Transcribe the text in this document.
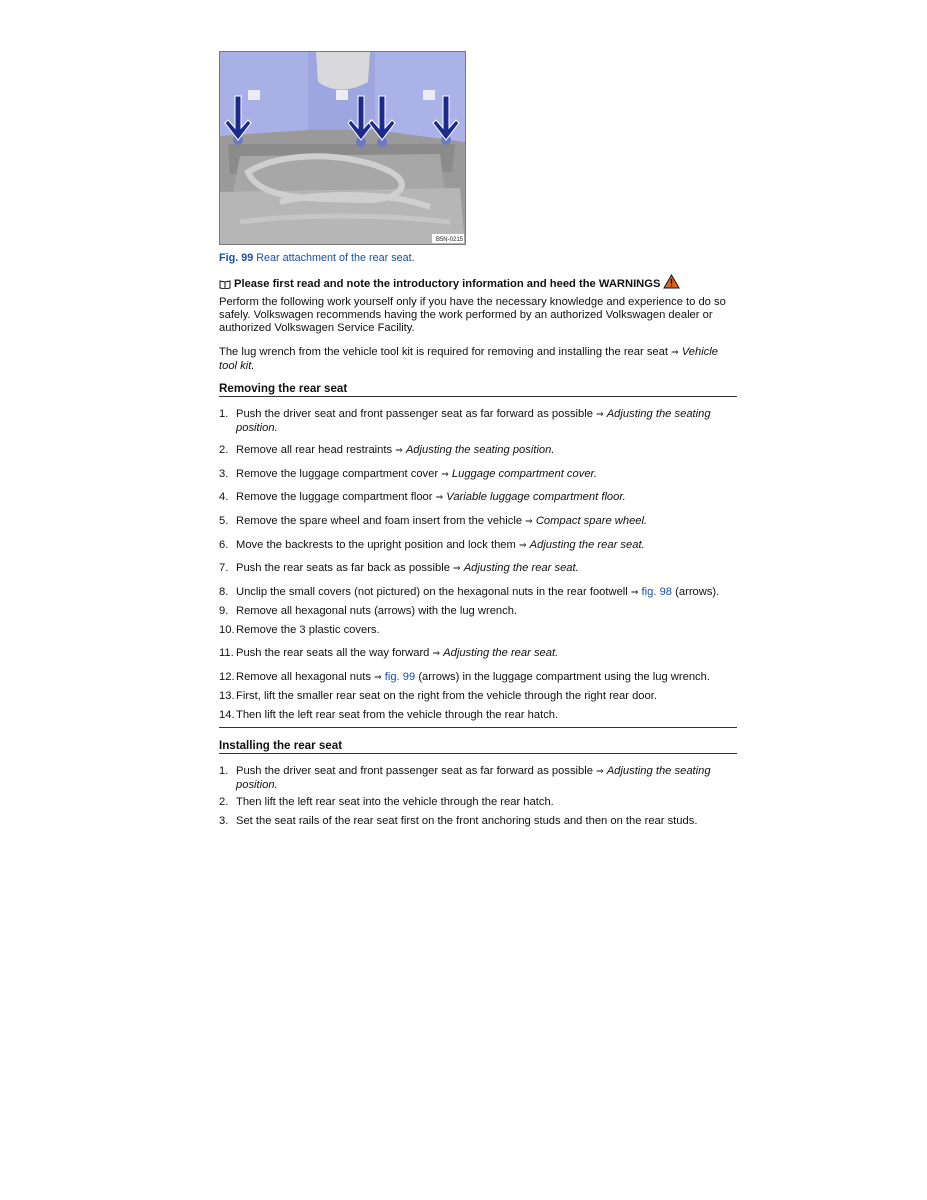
B5N-0215
Fig. 99 Rear attachment of the rear seat.
Please first read and note the introductory information and heed the WARNINGS

Perform the following work yourself only if you have the necessary knowledge and experience to do so safely. Volkswagen recommends having the work performed by an authorized Volkswagen dealer or authorized Volkswagen Service Facility.

The lug wrench from the vehicle tool kit is required for removing and installing the rear seat ⇒ Vehicle tool kit.

Removing the rear seat
1. Push the driver seat and front passenger seat as far forward as possible ⇒ Adjusting the seating position.
2. Remove all rear head restraints ⇒ Adjusting the seating position.
3. Remove the luggage compartment cover ⇒ Luggage compartment cover.
4. Remove the luggage compartment floor ⇒ Variable luggage compartment floor.
5. Remove the spare wheel and foam insert from the vehicle ⇒ Compact spare wheel.
6. Move the backrests to the upright position and lock them ⇒ Adjusting the rear seat.
7. Push the rear seats as far back as possible ⇒ Adjusting the rear seat.
8. Unclip the small covers (not pictured) on the hexagonal nuts in the rear footwell ⇒ fig. 98 (arrows).
9. Remove all hexagonal nuts (arrows) with the lug wrench.
10. Remove the 3 plastic covers.
11. Push the rear seats all the way forward ⇒ Adjusting the rear seat.
12. Remove all hexagonal nuts ⇒ fig. 99 (arrows) in the luggage compartment using the lug wrench.
13. First, lift the smaller rear seat on the right from the vehicle through the right rear door.
14. Then lift the left rear seat from the vehicle through the rear hatch.
Installing the rear seat
1. Push the driver seat and front passenger seat as far forward as possible ⇒ Adjusting the seating position.
2. Then lift the left rear seat into the vehicle through the rear hatch.
3. Set the seat rails of the rear seat first on the front anchoring studs and then on the rear studs.
